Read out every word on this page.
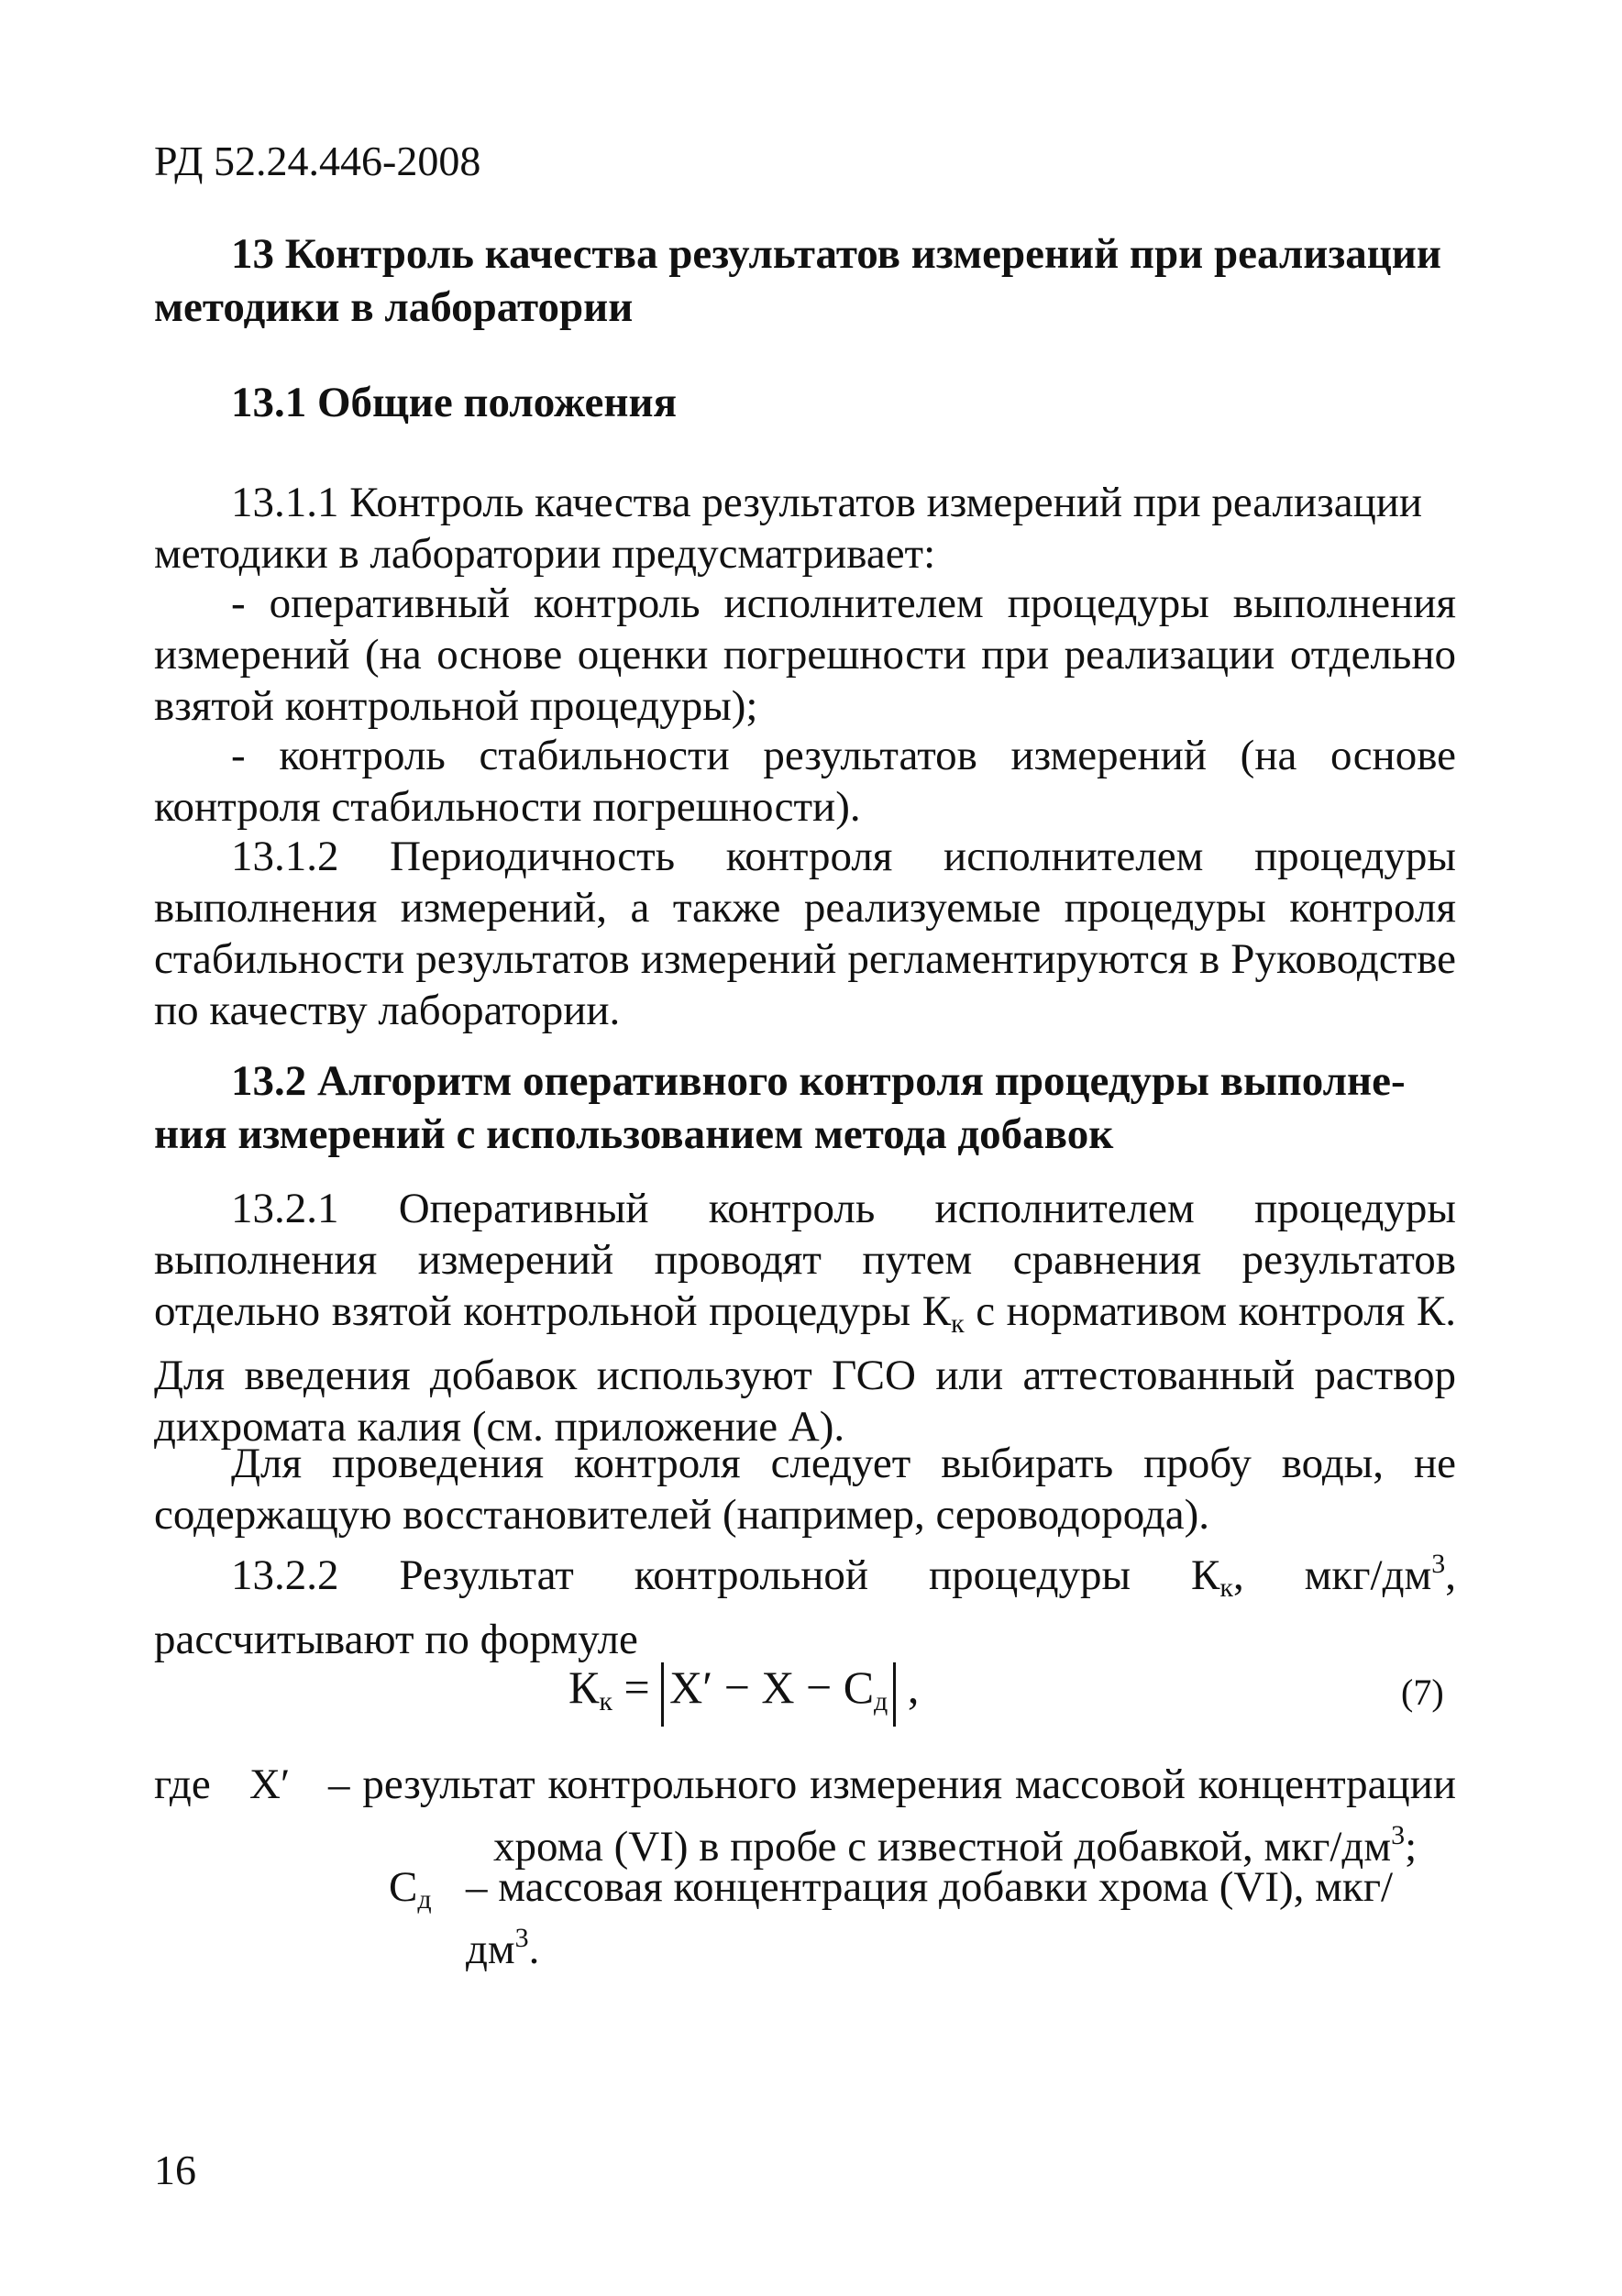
РД 52.24.446-2008
13 Контроль качества результатов измерений при реализации
методики в лаборатории
13.1 Общие положения
13.1.1 Контроль качества результатов измерений при реализации
методики в лаборатории предусматривает:
- оперативный контроль исполнителем процедуры выполнения измерений (на основе оценки погрешности при реализации отдельно взятой контрольной процедуры);
- контроль стабильности результатов измерений (на основе контроля стабильности погрешности).
13.1.2 Периодичность контроля исполнителем процедуры выполнения измерений, а также реализуемые процедуры контроля стабильности результатов измерений регламентируются в Руководстве по качеству лаборатории.
13.2 Алгоритм оперативного контроля процедуры выполне-
ния измерений с использованием метода добавок
13.2.1 Оперативный контроль исполнителем процедуры выполнения измерений проводят путем сравнения результатов отдельно взятой контрольной процедуры $К_к$ с нормативом контроля К. Для введения добавок используют ГСО или аттестованный раствор дихромата калия (см. приложение А).
Для проведения контроля следует выбирать пробу воды, не содержащую восстановителей (например, сероводорода).
13.2.2 Результат контрольной процедуры $К_к$, мкг/$дм^3$, рассчитывают по формуле
$К_к = X' - X - С_д$ ,	(7)
где X′ – результат контрольного измерения массовой концентрации
хрома (VI) в пробе с известной добавкой, мкг/$дм^3$;
$С_д$ – массовая концентрация добавки хрома (VI), мкг/$дм^3$.
16
